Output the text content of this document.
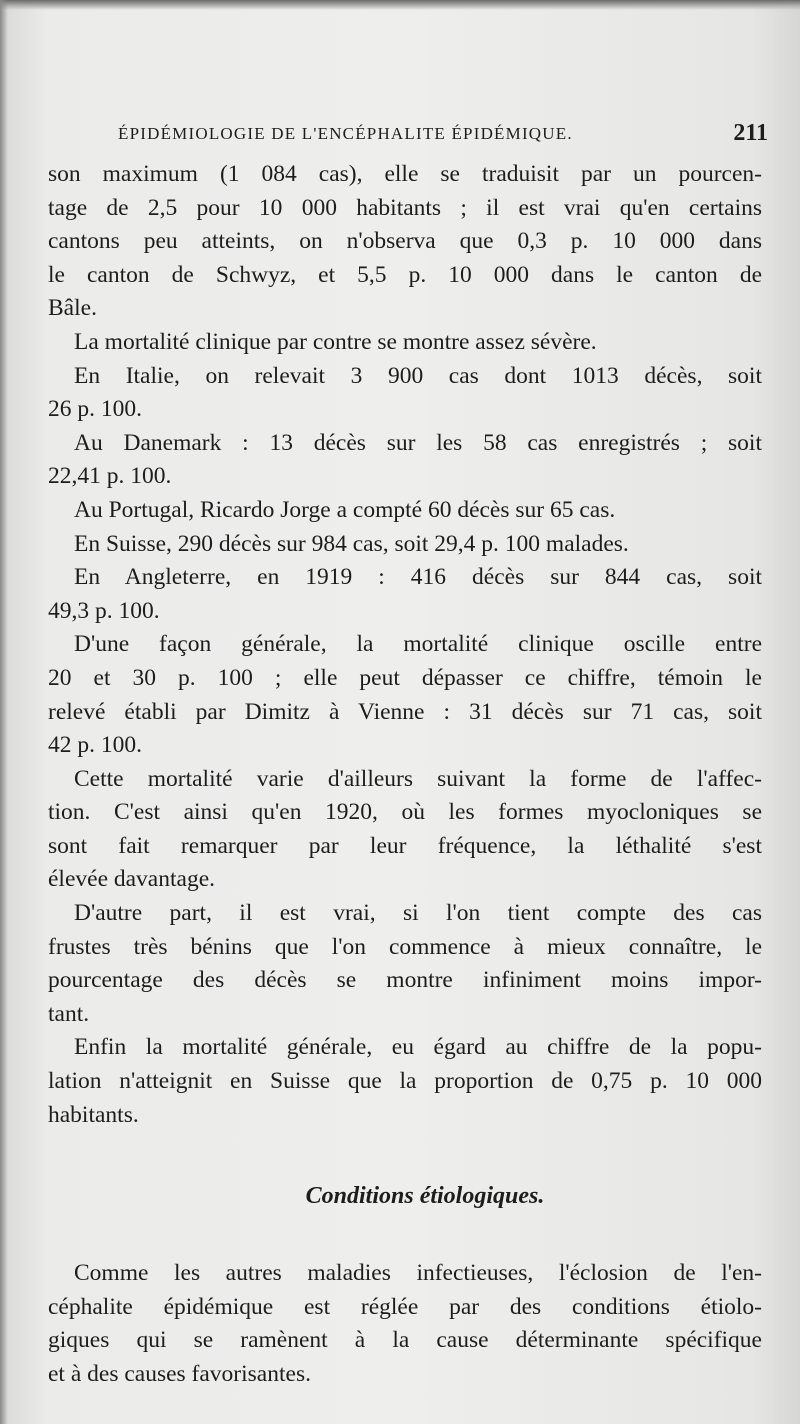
ÉPIDÉMIOLOGIE DE L'ENCÉPHALITE ÉPIDÉMIQUE.	211
son maximum (1 084 cas), elle se traduisit par un pourcen-
tage de 2,5 pour 10 000 habitants ; il est vrai qu'en certains
cantons peu atteints, on n'observa que 0,3 p. 10 000 dans
le canton de Schwyz, et 5,5 p. 10 000 dans le canton de
Bâle.
La mortalité clinique par contre se montre assez sévère.
En Italie, on relevait 3 900 cas dont 1013 décès, soit
26 p. 100.
Au Danemark : 13 décès sur les 58 cas enregistrés ; soit
22,41 p. 100.
Au Portugal, Ricardo Jorge a compté 60 décès sur 65 cas.
En Suisse, 290 décès sur 984 cas, soit 29,4 p. 100 malades.
En Angleterre, en 1919 : 416 décès sur 844 cas, soit
49,3 p. 100.
D'une façon générale, la mortalité clinique oscille entre
20 et 30 p. 100 ; elle peut dépasser ce chiffre, témoin le
relevé établi par Dimitz à Vienne : 31 décès sur 71 cas, soit
42 p. 100.
Cette mortalité varie d'ailleurs suivant la forme de l'affec-
tion. C'est ainsi qu'en 1920, où les formes myocloniques se
sont fait remarquer par leur fréquence, la léthalité s'est
élevée davantage.
D'autre part, il est vrai, si l'on tient compte des cas
frustes très bénins que l'on commence à mieux connaître, le
pourcentage des décès se montre infiniment moins impor-
tant.
Enfin la mortalité générale, eu égard au chiffre de la popu-
lation n'atteignit en Suisse que la proportion de 0,75 p. 10 000
habitants.
Conditions étiologiques.
Comme les autres maladies infectieuses, l'éclosion de l'en-
céphalite épidémique est réglée par des conditions étiolo-
giques qui se ramènent à la cause déterminante spécifique
et à des causes favorisantes.
